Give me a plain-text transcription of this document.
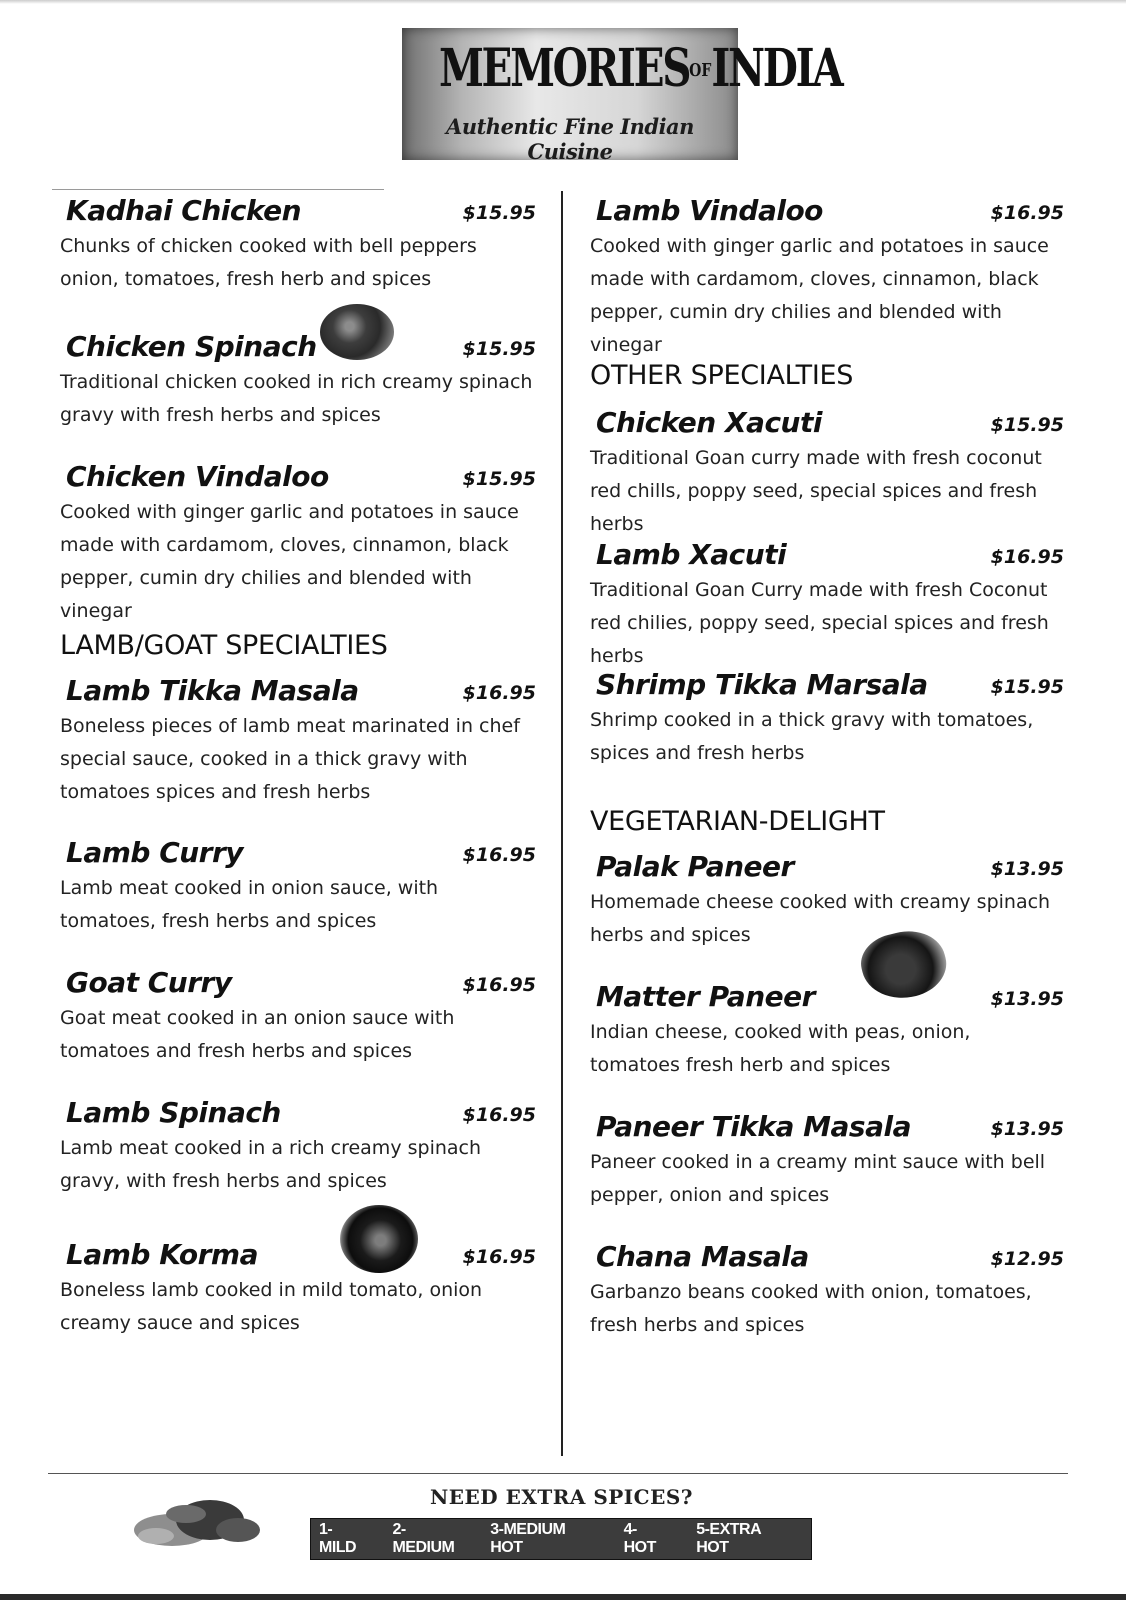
MEMORIESOFINDIA
Authentic Fine Indian Cuisine
Kadhai Chicken	$15.95

Chunks of chicken cooked with bell peppers onion, tomatoes, fresh herb and spices

Chicken Spinach	$15.95

Traditional chicken cooked in rich creamy spinach gravy with fresh herbs and spices

Chicken Vindaloo	$15.95

Cooked with ginger garlic and potatoes in sauce made with cardamom, cloves, cinnamon, black pepper, cumin dry chilies and blended with vinegar

LAMB/GOAT SPECIALTIES
Lamb Tikka Masala	$16.95

Boneless pieces of lamb meat marinated in chef special sauce, cooked in a thick gravy with tomatoes spices and fresh herbs

Lamb Curry	$16.95

Lamb meat cooked in onion sauce, with tomatoes, fresh herbs and spices

Goat Curry	$16.95

Goat meat cooked in an onion sauce with tomatoes and fresh herbs and spices

Lamb Spinach	$16.95

Lamb meat cooked in a rich creamy spinach gravy, with fresh herbs and spices

Lamb Korma	$16.95

Boneless lamb cooked in mild tomato, onion creamy sauce and spices

Lamb Vindaloo	$16.95

Cooked with ginger garlic and potatoes in sauce made with cardamom, cloves, cinnamon, black pepper, cumin dry chilies and blended with vinegar

OTHER SPECIALTIES
Chicken Xacuti	$15.95

Traditional Goan curry made with fresh coconut red chills, poppy seed, special spices and fresh herbs

Lamb Xacuti	$16.95

Traditional Goan Curry made with fresh Coconut red chilies, poppy seed, special spices and fresh herbs

Shrimp Tikka Marsala	$15.95

Shrimp cooked in a thick gravy with tomatoes, spices and fresh herbs

VEGETARIAN-DELIGHT
Palak Paneer	$13.95

Homemade cheese cooked with creamy spinach herbs and spices

Matter Paneer	$13.95

Indian cheese, cooked with peas, onion, tomatoes fresh herb and spices

Paneer Tikka Masala	$13.95

Paneer cooked in a creamy mint sauce with bell pepper, onion and spices

Chana Masala	$12.95

Garbanzo beans cooked with onion, tomatoes, fresh herbs and spices

NEED EXTRA SPICES?
1-MILD
2-MEDIUM
3-MEDIUM HOT
4- HOT
5-EXTRA HOT
